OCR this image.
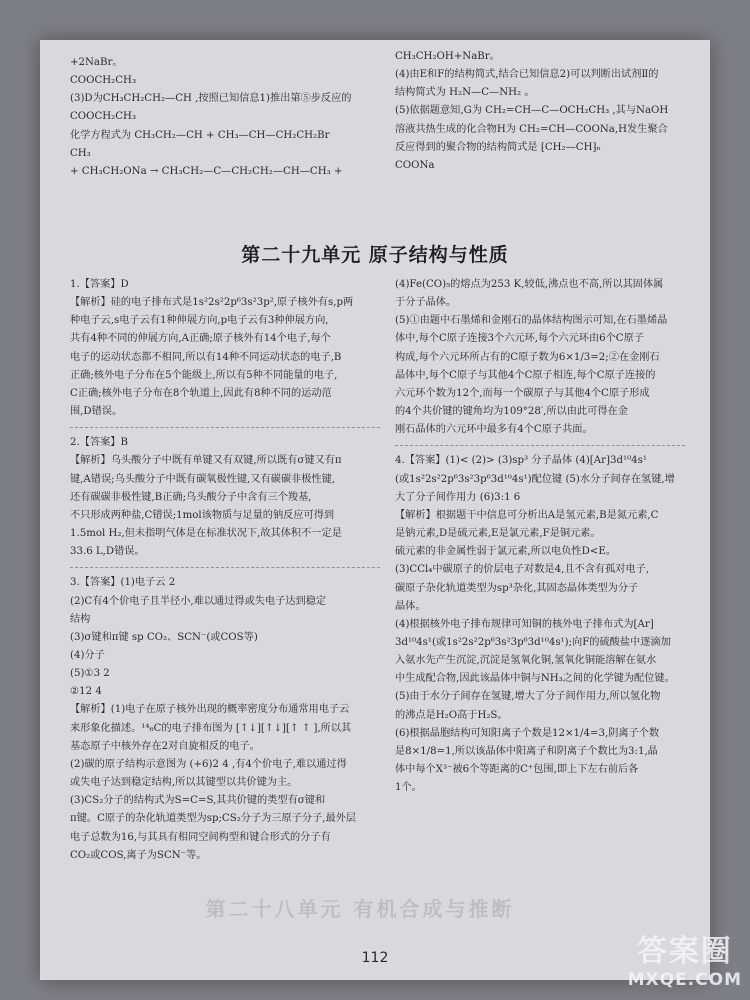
+2NaBr。
COOCH₂CH₃
(3)D为CH₃CH₂CH₂—CH ,按照已知信息1)推出第⑤步反应的
COOCH₂CH₃
化学方程式为 CH₃CH₂—CH + CH₃—CH—CH₂CH₂Br
CH₃
+ CH₃CH₂ONa → CH₃CH₂—C—CH₂CH₂—CH—CH₃ +
CH₃CH₂OH+NaBr。
(4)由E和F的结构简式,结合已知信息2)可以判断出试剂Ⅱ的
结构简式为 H₂N—C—NH₂ 。
(5)依据题意知,G为 CH₂=CH—C—OCH₂CH₃ ,其与NaOH
溶液共热生成的化合物H为 CH₂=CH—COONa,H发生聚合
反应得到的聚合物的结构简式是 ⁅CH₂—CH⁆ₙ
COONa
第二十九单元 原子结构与性质
1.【答案】D
【解析】硅的电子排布式是1s²2s²2p⁶3s²3p²,原子核外有s,p两
种电子云,s电子云有1种伸展方向,p电子云有3种伸展方向,
共有4种不同的伸展方向,A正确;原子核外有14个电子,每个
电子的运动状态都不相同,所以有14种不同运动状态的电子,B
正确;核外电子分布在5个能级上,所以有5种不同能量的电子,
C正确;核外电子分布在8个轨道上,因此有8种不同的运动范
围,D错误。
2.【答案】B
【解析】乌头酸分子中既有单键又有双键,所以既有σ键又有π
键,A错误;乌头酸分子中既有碳氧极性键,又有碳碳非极性键,
还有碳碳非极性键,B正确;乌头酸分子中含有三个羧基,
不只形成两种盐,C错误;1mol该物质与足量的钠反应可得到
1.5mol H₂,但未指明气体是在标准状况下,故其体积不一定是
33.6 L,D错误。
3.【答案】(1)电子云 2
(2)C有4个价电子且半径小,难以通过得或失电子达到稳定
结构
(3)σ键和π键 sp CO₂、SCN⁻(或COS等)
(4)分子
(5)①3 2
②12 4
【解析】(1)电子在原子核外出现的概率密度分布通常用电子云
来形象化描述。¹⁴₆C的电子排布图为 [↑↓][↑↓][↑ ↑ ],所以其
基态原子中核外存在2对自旋相反的电子。
(2)碳的原子结构示意图为 (+6)2 4 ,有4个价电子,难以通过得
或失电子达到稳定结构,所以其键型以共价键为主。
(3)CS₂分子的结构式为S=C=S,其共价键的类型有σ键和
π键。C原子的杂化轨道类型为sp;CS₂分子为三原子分子,最外层
电子总数为16,与其具有相同空间构型和键合形式的分子有
CO₂或COS,离子为SCN⁻等。
(4)Fe(CO)₅的熔点为253 K,较低,沸点也不高,所以其固体属
于分子晶体。
(5)①由题中石墨烯和金刚石的晶体结构图示可知,在石墨烯晶
体中,每个C原子连接3个六元环,每个六元环由6个C原子
构成,每个六元环所占有的C原子数为6×1/3=2;②在金刚石
晶体中,每个C原子与其他4个C原子相连,每个C原子连接的
六元环个数为12个,而每一个碳原子与其他4个C原子形成
的4个共价键的键角均为109°28′,所以由此可得在金
刚石晶体的六元环中最多有4个C原子共面。
4.【答案】(1)< (2)> (3)sp³ 分子晶体 (4)[Ar]3d¹⁰4s¹
(或1s²2s²2p⁶3s²3p⁶3d¹⁰4s¹)配位键 (5)水分子间存在氢键,增
大了分子间作用力 (6)3:1 6
【解析】根据题干中信息可分析出A是氢元素,B是氮元素,C
是钠元素,D是硫元素,E是氯元素,F是铜元素。
硫元素的非金属性弱于氯元素,所以电负性D<E。
(3)CCl₄中碳原子的价层电子对数是4,且不含有孤对电子,
碳原子杂化轨道类型为sp³杂化,其固态晶体类型为分子
晶体。
(4)根据核外电子排布规律可知铜的核外电子排布式为[Ar]
3d¹⁰4s¹(或1s²2s²2p⁶3s²3p⁶3d¹⁰4s¹);向F的硫酸盐中逐滴加
入氨水先产生沉淀,沉淀是氢氧化铜,氢氧化铜能溶解在氨水
中生成配合物,因此该晶体中铜与NH₃之间的化学键为配位键。
(5)由于水分子间存在氢键,增大了分子间作用力,所以氢化物
的沸点是H₂O高于H₂S。
(6)根据晶胞结构可知阳离子个数是12×1/4=3,阴离子个数
是8×1/8=1,所以该晶体中阳离子和阴离子个数比为3:1,晶
体中每个X³⁻被6个等距离的C⁺包围,即上下左右前后各
1个。
第二十八单元 有机合成与推断
112	答案圈
MXQE.COM
